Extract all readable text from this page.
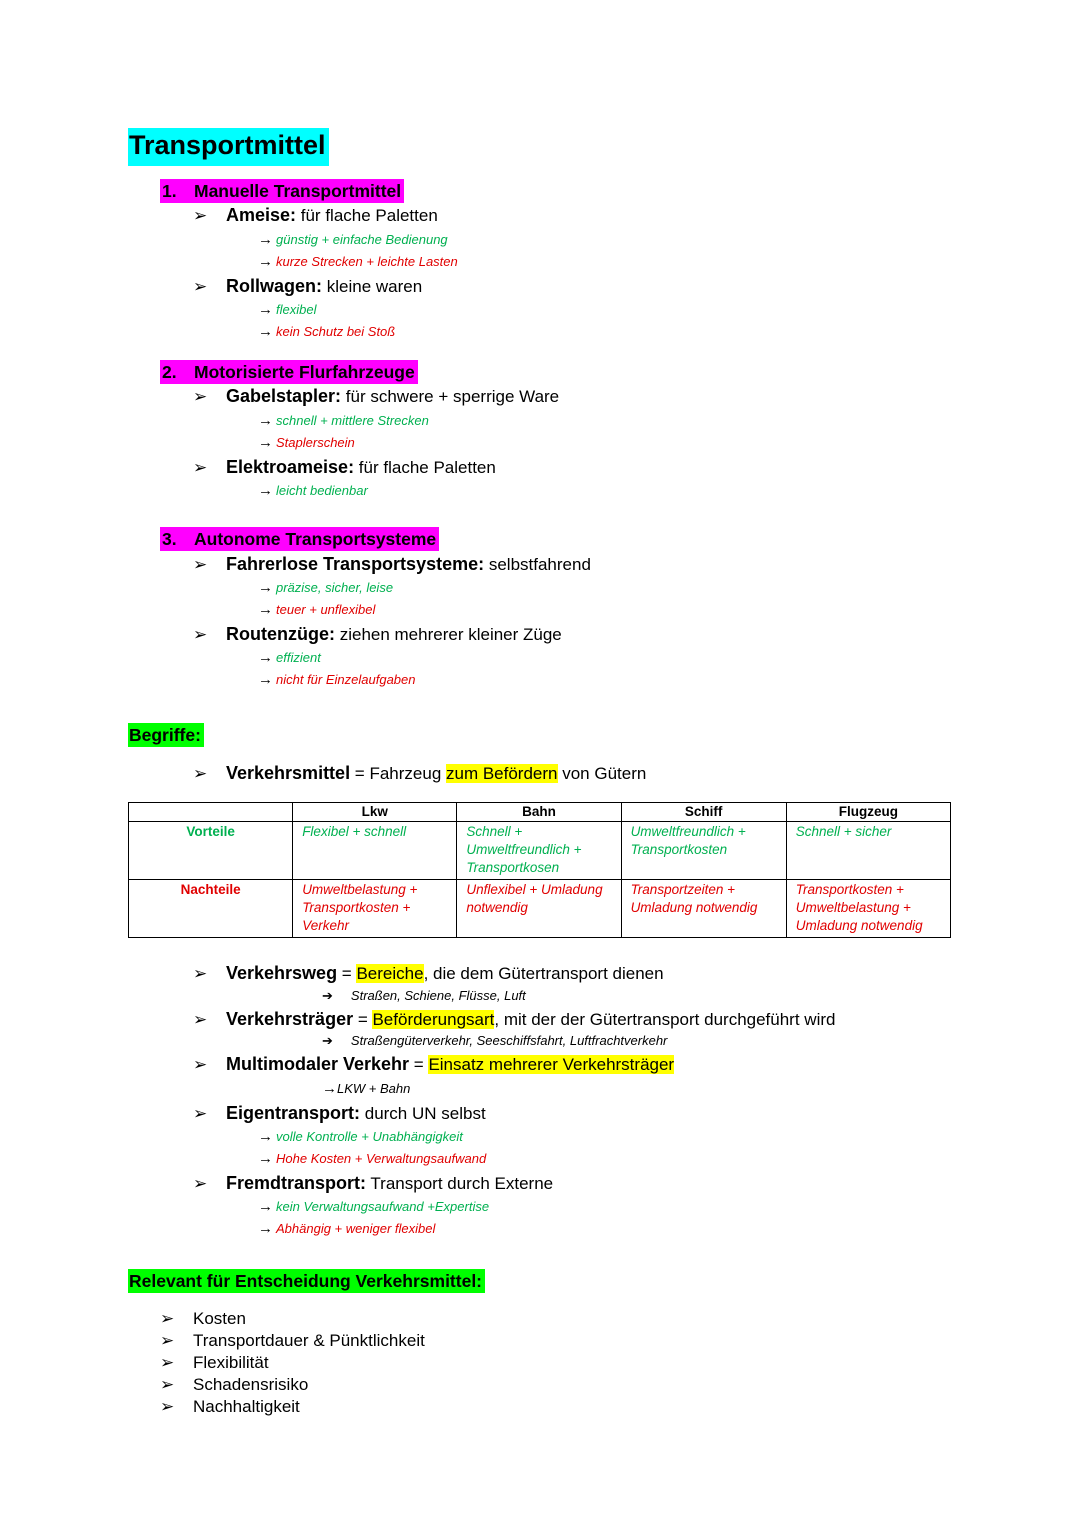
Transportmittel
1. Manuelle Transportmittel
➢ Ameise: für flache Paletten
→ günstig + einfache Bedienung
→ kurze Strecken + leichte Lasten
➢ Rollwagen: kleine waren
→ flexibel
→ kein Schutz bei Stoß
2. Motorisierte Flurfahrzeuge
➢ Gabelstapler: für schwere + sperrige Ware
→ schnell + mittlere Strecken
→ Staplerschein
➢ Elektroameise: für flache Paletten
→ leicht bedienbar
3. Autonome Transportsysteme
➢ Fahrerlose Transportsysteme: selbstfahrend
→ präzise, sicher, leise
→ teuer + unflexibel
➢ Routenzüge: ziehen mehrerer kleiner Züge
→ effizient
→ nicht für Einzelaufgaben
Begriffe:
➢ Verkehrsmittel = Fahrzeug zum Befördern von Gütern
	Lkw	Bahn	Schiff	Flugzeug
Vorteile	Flexibel + schnell	Schnell + Umweltfreundlich + Transportkosen	Umweltfreundlich + Transportkosten	Schnell + sicher
Nachteile	Umweltbelastung + Transportkosten + Verkehr	Unflexibel + Umladung notwendig	Transportzeiten + Umladung notwendig	Transportkosten + Umweltbelastung + Umladung notwendig
➢ Verkehrsweg = Bereiche, die dem Gütertransport dienen
➔ Straßen, Schiene, Flüsse, Luft
➢ Verkehrsträger = Beförderungsart, mit der der Gütertransport durchgeführt wird
➔ Straßengüterverkehr, Seeschiffsfahrt, Luftfrachtverkehr
➢ Multimodaler Verkehr = Einsatz mehrerer Verkehrsträger
→LKW + Bahn
➢ Eigentransport: durch UN selbst
→ volle Kontrolle + Unabhängigkeit
→ Hohe Kosten + Verwaltungsaufwand
➢ Fremdtransport: Transport durch Externe
→ kein Verwaltungsaufwand +Expertise
→ Abhängig + weniger flexibel
Relevant für Entscheidung Verkehrsmittel:
➢ Kosten
➢ Transportdauer & Pünktlichkeit
➢ Flexibilität
➢ Schadensrisiko
➢ Nachhaltigkeit
